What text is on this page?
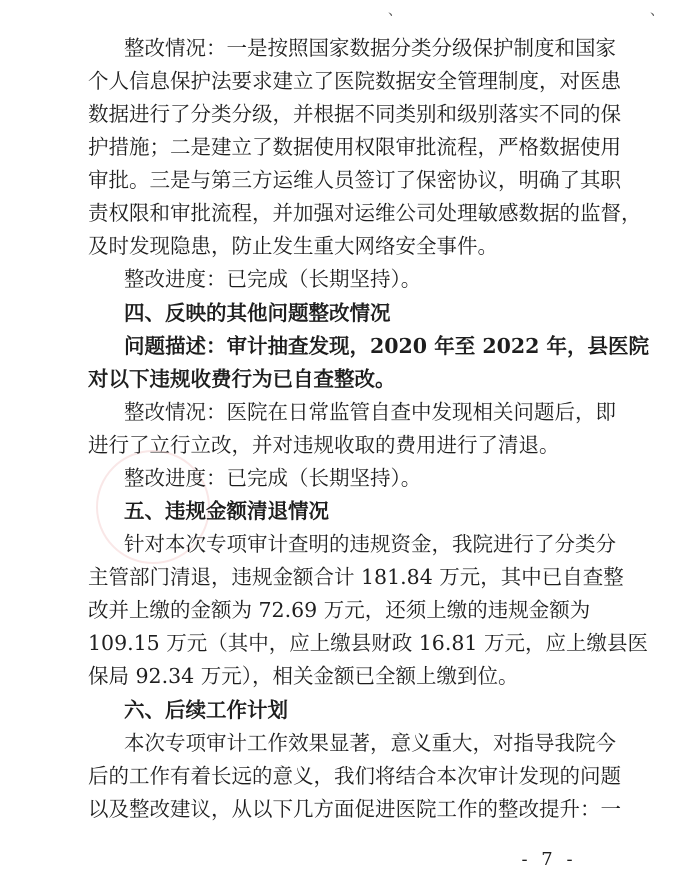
、	、
整改情况：一是按照国家数据分类分级保护制度和国家
个人信息保护法要求建立了医院数据安全管理制度，对医患
数据进行了分类分级，并根据不同类别和级别落实不同的保
护措施；二是建立了数据使用权限审批流程，严格数据使用
审批。三是与第三方运维人员签订了保密协议，明确了其职
责权限和审批流程，并加强对运维公司处理敏感数据的监督，
及时发现隐患，防止发生重大网络安全事件。
整改进度：已完成（长期坚持）。
四、反映的其他问题整改情况
问题描述：审计抽查发现，2020 年至 2022 年，县医院
对以下违规收费行为已自查整改。
整改情况：医院在日常监管自查中发现相关问题后，即
进行了立行立改，并对违规收取的费用进行了清退。
整改进度：已完成（长期坚持）。
五、违规金额清退情况
针对本次专项审计查明的违规资金，我院进行了分类分
主管部门清退，违规金额合计 181.84 万元，其中已自查整
改并上缴的金额为 72.69 万元，还须上缴的违规金额为
109.15 万元（其中，应上缴县财政 16.81 万元，应上缴县医
保局 92.34 万元），相关金额已全额上缴到位。
六、后续工作计划
本次专项审计工作效果显著，意义重大，对指导我院今
后的工作有着长远的意义，我们将结合本次审计发现的问题
以及整改建议，从以下几方面促进医院工作的整改提升：一
- 7 -
